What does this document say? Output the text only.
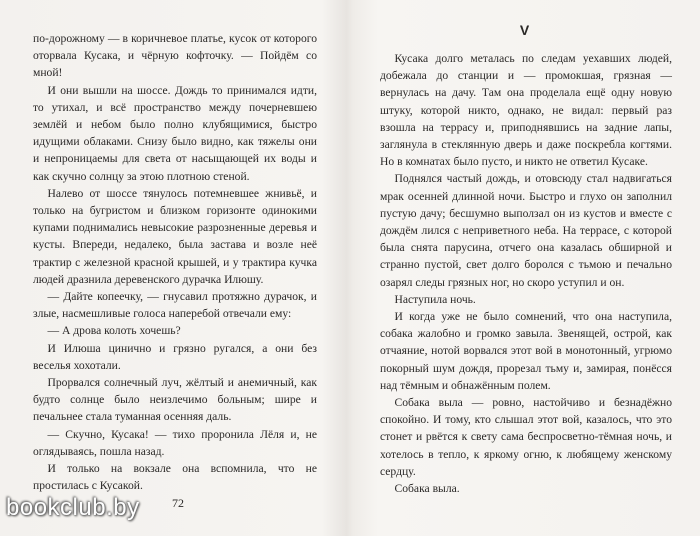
по-дорожному — в коричневое платье, кусок от которого оторвала Кусака, и чёрную кофточку. — Пойдём со мной!

И они вышли на шоссе. Дождь то принимался идти, то утихал, и всё пространство между почерневшею землёй и небом было полно клубящимися, быстро идущими облаками. Снизу было видно, как тяжелы они и непроницаемы для света от насыщающей их воды и как скучно солнцу за этою плотною стеной.

Налево от шоссе тянулось потемневшее жнивьё, и только на бугристом и близком горизонте одинокими купами поднимались невысокие разрозненные деревья и кусты. Впереди, недалеко, была застава и возле неё трактир с железной красной крышей, и у трактира кучка людей дразнила деревенского дурачка Илюшу.

— Дайте копеечку, — гнусавил протяжно дурачок, и злые, насмешливые голоса наперебой отвечали ему:

— А дрова колоть хочешь?

И Илюша цинично и грязно ругался, а они без веселья хохотали.

Прорвался солнечный луч, жёлтый и анемичный, как будто солнце было неизлечимо больным; шире и печальнее стала туманная осенняя даль.

— Скучно, Кусака! — тихо проронила Лёля и, не оглядываясь, пошла назад.

И только на вокзале она вспомнила, что не простилась с Кусакой.

72
V

Кусака долго металась по следам уехавших людей, добежала до станции и — промокшая, грязная — вернулась на дачу. Там она проделала ещё одну новую штуку, которой никто, однако, не видал: первый раз взошла на террасу и, приподнявшись на задние лапы, заглянула в стеклянную дверь и даже поскребла когтями. Но в комнатах было пусто, и никто не ответил Кусаке.

Поднялся частый дождь, и отовсюду стал надвигаться мрак осенней длинной ночи. Быстро и глухо он заполнил пустую дачу; бесшумно выползал он из кустов и вместе с дождём лился с неприветного неба. На террасе, с которой была снята парусина, отчего она казалась обширной и странно пустой, свет долго боролся с тьмою и печально озарял следы грязных ног, но скоро уступил и он.

Наступила ночь.

И когда уже не было сомнений, что она наступила, собака жалобно и громко завыла. Звенящей, острой, как отчаяние, нотой ворвался этот вой в монотонный, угрюмо покорный шум дождя, прорезал тьму и, замирая, понёсся над тёмным и обнажённым полем.

Собака выла — ровно, настойчиво и безнадёжно спокойно. И тому, кто слышал этот вой, казалось, что это стонет и рвётся к свету сама беспросветно-тёмная ночь, и хотелось в тепло, к яркому огню, к любящему женскому сердцу.

Собака выла.

bookclub.by
